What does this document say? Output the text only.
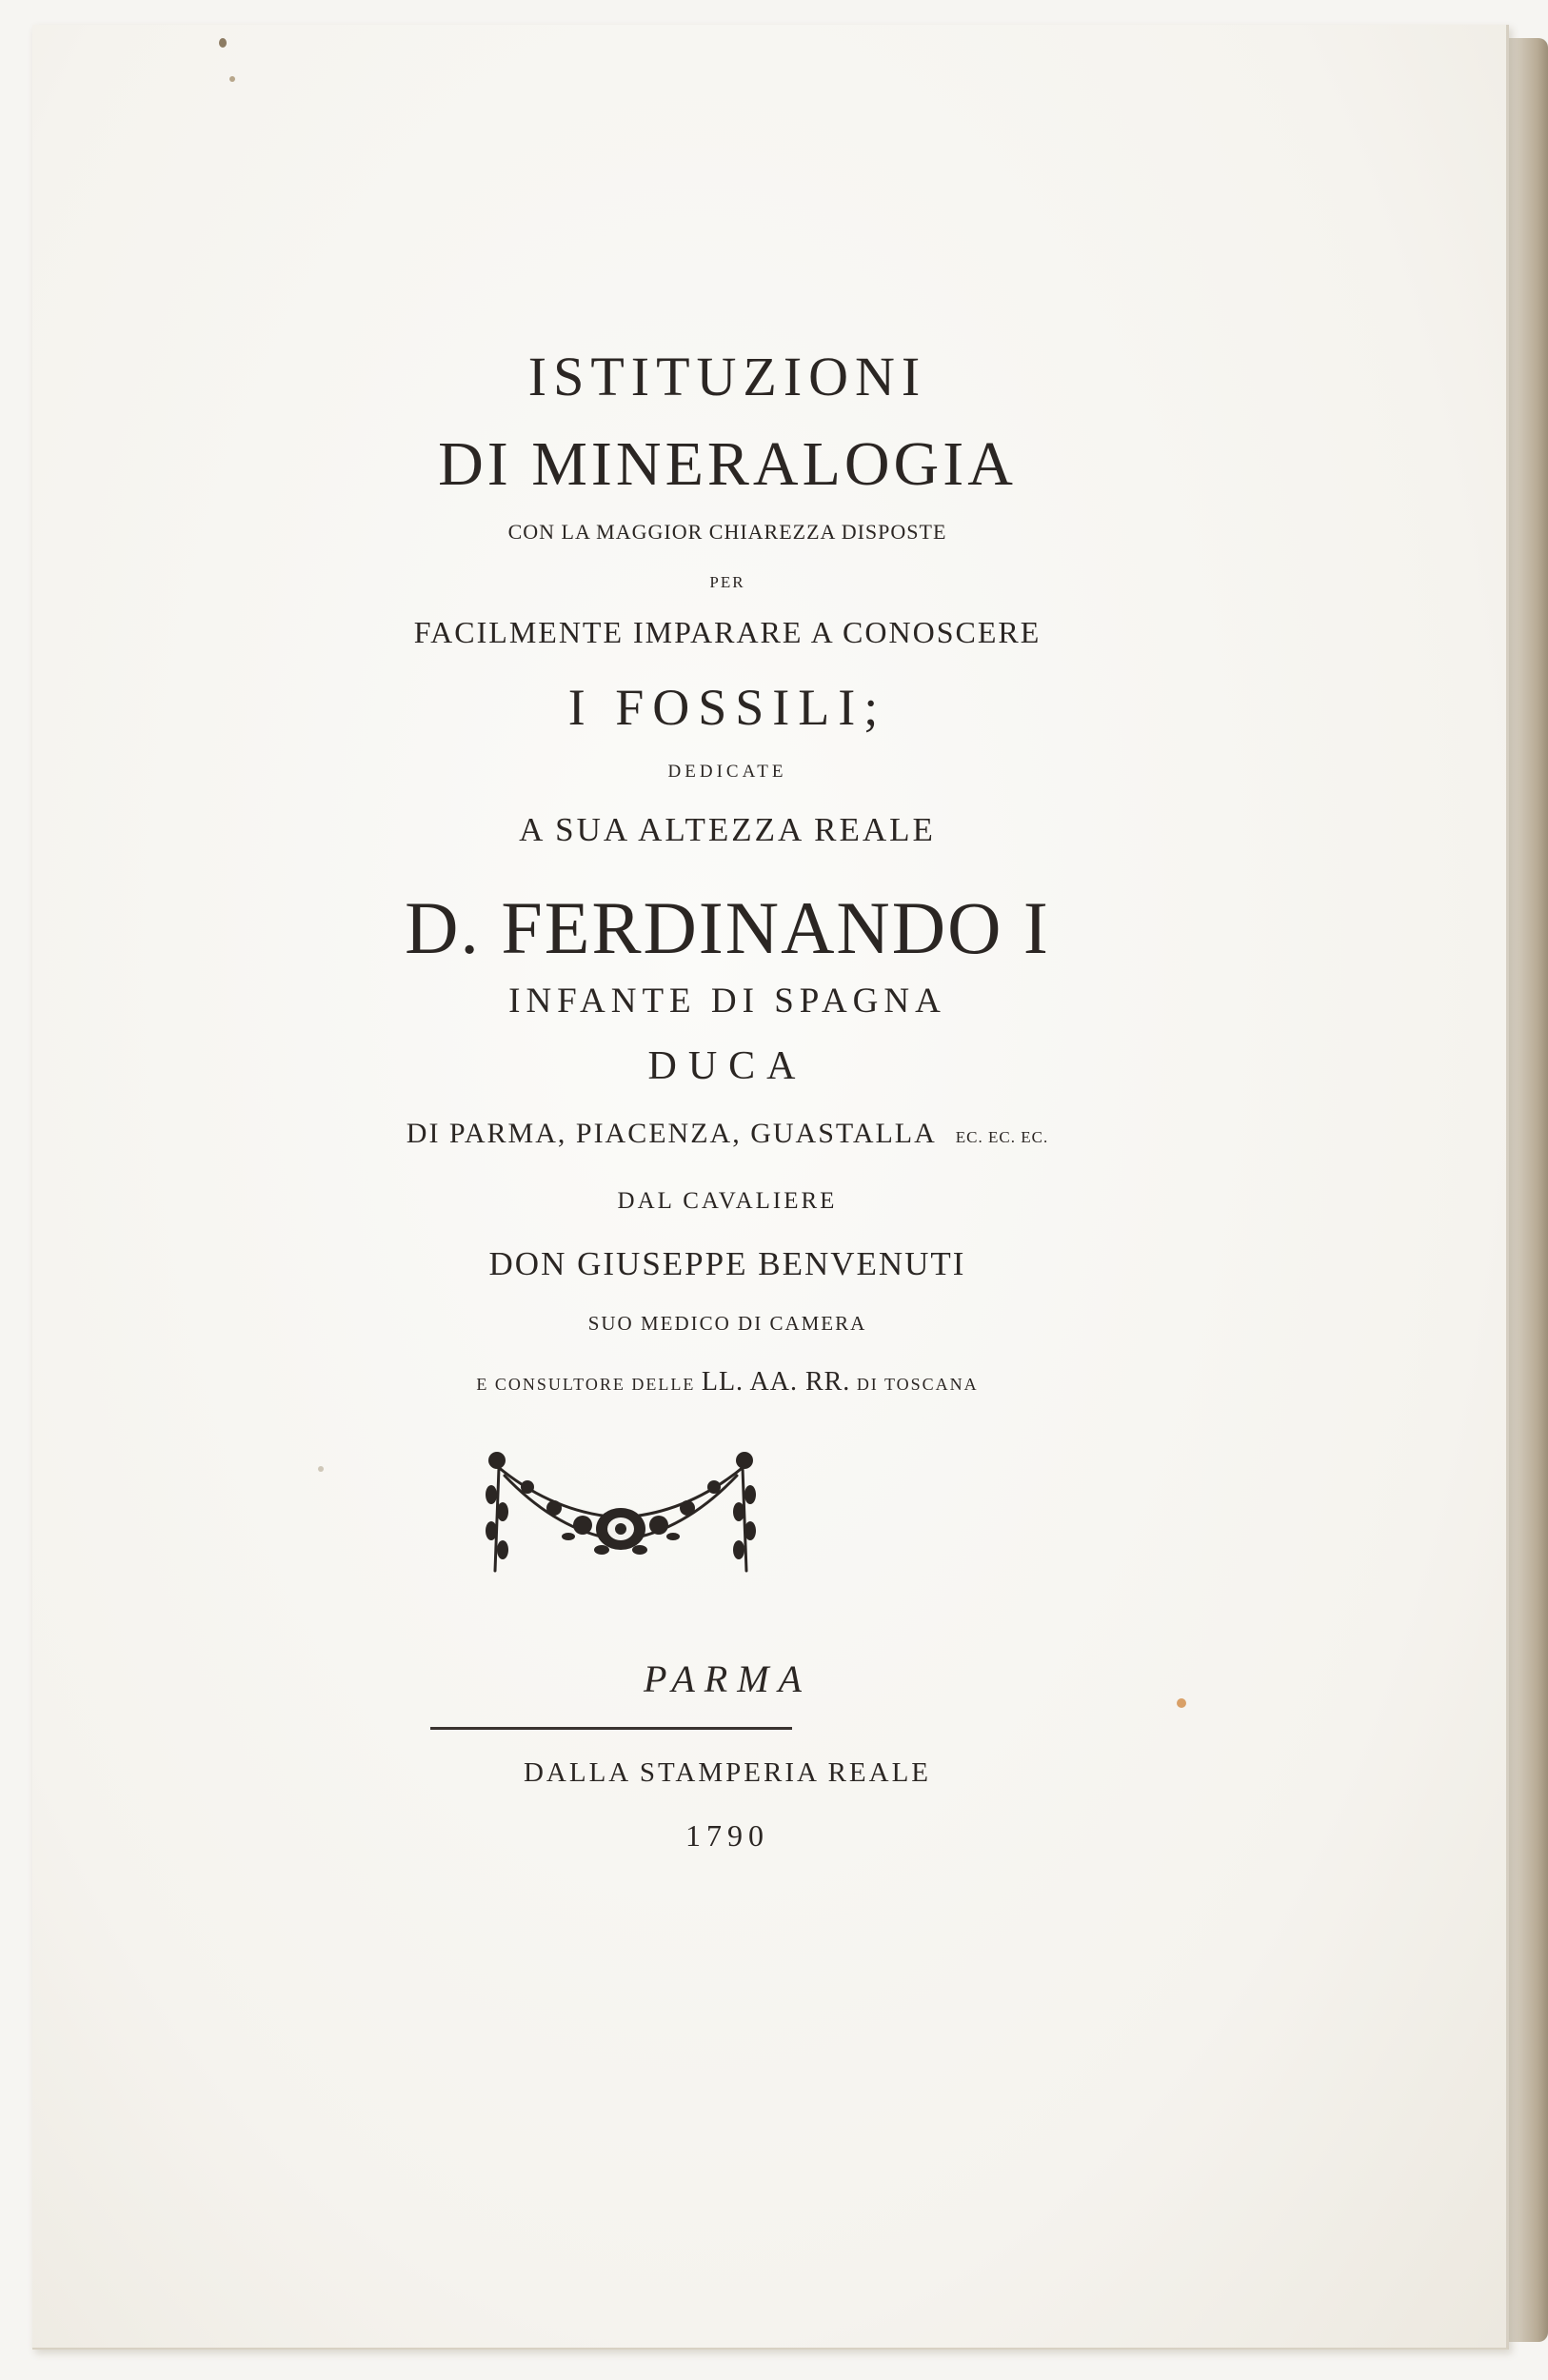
ISTITUZIONI
DI MINERALOGIA
CON LA MAGGIOR CHIAREZZA DISPOSTE
PER
FACILMENTE IMPARARE A CONOSCERE
I FOSSILI;
DEDICATE
A SUA ALTEZZA REALE
D. FERDINANDO I
INFANTE DI SPAGNA
DUCA
DI PARMA, PIACENZA, GUASTALLA EC. EC. EC.
DAL CAVALIERE
DON GIUSEPPE BENVENUTI
SUO MEDICO DI CAMERA
E CONSULTORE DELLE LL. AA. RR. DI TOSCANA
PARMA
DALLA STAMPERIA REALE
1790
